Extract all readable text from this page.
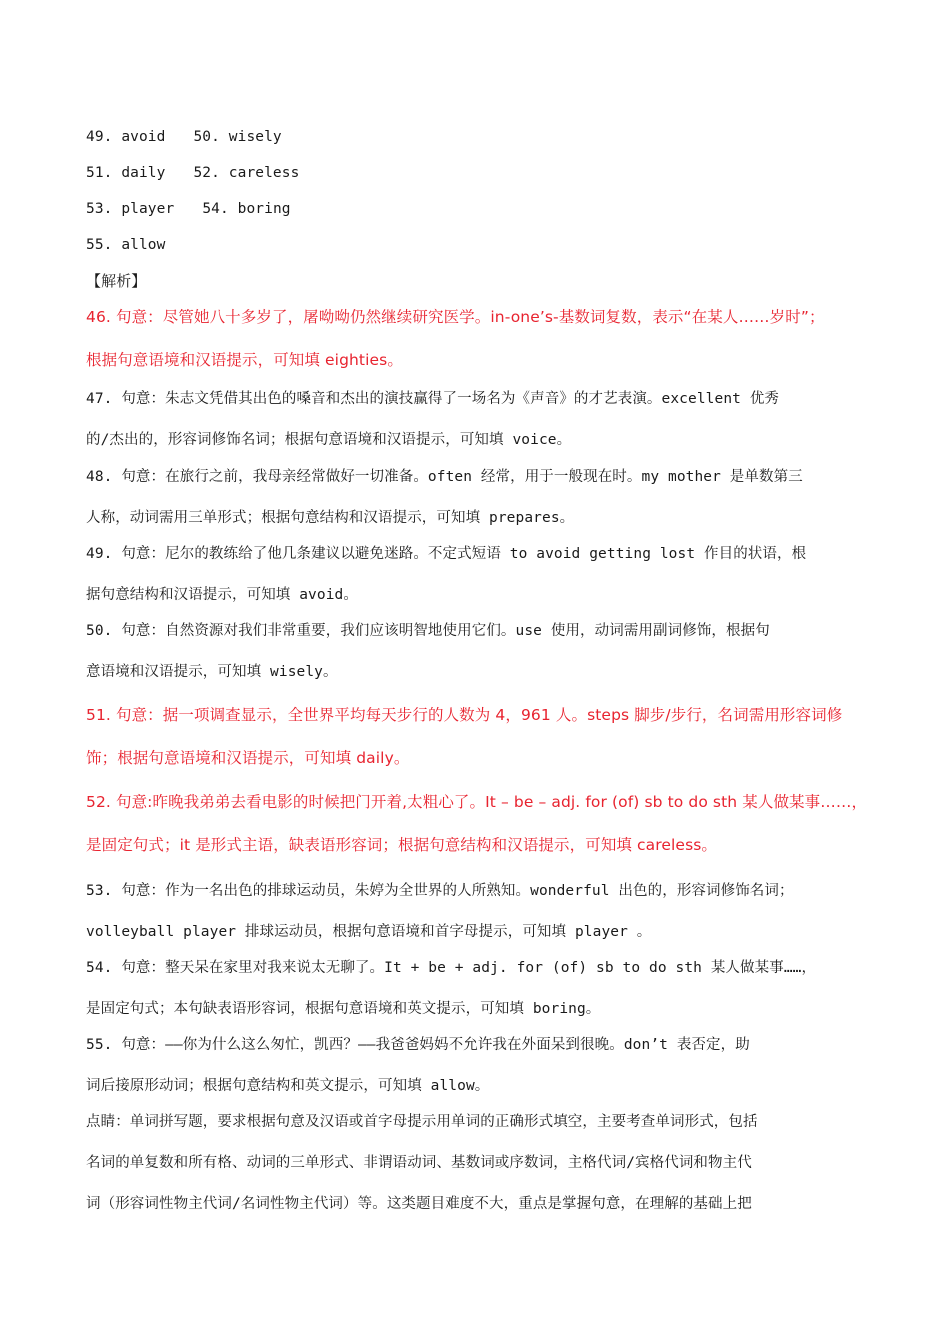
49. avoid 50. wisely
51. daily 52. careless
53. player 54. boring
55. allow
【解析】
46. 句意：尽管她八十多岁了，屠呦呦仍然继续研究医学。in-one’s-基数词复数，表示“在某人……岁时”；
根据句意语境和汉语提示，可知填 eighties。
47. 句意：朱志文凭借其出色的嗓音和杰出的演技赢得了一场名为《声音》的才艺表演。excellent 优秀
的/杰出的，形容词修饰名词；根据句意语境和汉语提示，可知填 voice。
48. 句意：在旅行之前，我母亲经常做好一切准备。often 经常，用于一般现在时。my mother 是单数第三
人称，动词需用三单形式；根据句意结构和汉语提示，可知填 prepares。
49. 句意：尼尔的教练给了他几条建议以避免迷路。不定式短语 to avoid getting lost 作目的状语，根
据句意结构和汉语提示，可知填 avoid。
50. 句意：自然资源对我们非常重要，我们应该明智地使用它们。use 使用，动词需用副词修饰，根据句
意语境和汉语提示，可知填 wisely。
51. 句意：据一项调查显示，全世界平均每天步行的人数为 4，961 人。steps 脚步/步行，名词需用形容词修
饰；根据句意语境和汉语提示，可知填 daily。
52. 句意:昨晚我弟弟去看电影的时候把门开着,太粗心了。It – be – adj. for (of) sb to do sth 某人做某事……，
是固定句式；it 是形式主语，缺表语形容词；根据句意结构和汉语提示，可知填 careless。
53. 句意：作为一名出色的排球运动员，朱婷为全世界的人所熟知。wonderful 出色的，形容词修饰名词；
volleyball player 排球运动员，根据句意语境和首字母提示，可知填 player 。
54. 句意：整天呆在家里对我来说太无聊了。It + be + adj. for (of) sb to do sth 某人做某事……，
是固定句式；本句缺表语形容词，根据句意语境和英文提示，可知填 boring。
55. 句意：——你为什么这么匆忙，凯西？——我爸爸妈妈不允许我在外面呆到很晚。don’t 表否定，助
词后接原形动词；根据句意结构和英文提示，可知填 allow。
点睛：单词拼写题，要求根据句意及汉语或首字母提示用单词的正确形式填空，主要考查单词形式，包括
名词的单复数和所有格、动词的三单形式、非谓语动词、基数词或序数词，主格代词/宾格代词和物主代
词（形容词性物主代词/名词性物主代词）等。这类题目难度不大，重点是掌握句意，在理解的基础上把
